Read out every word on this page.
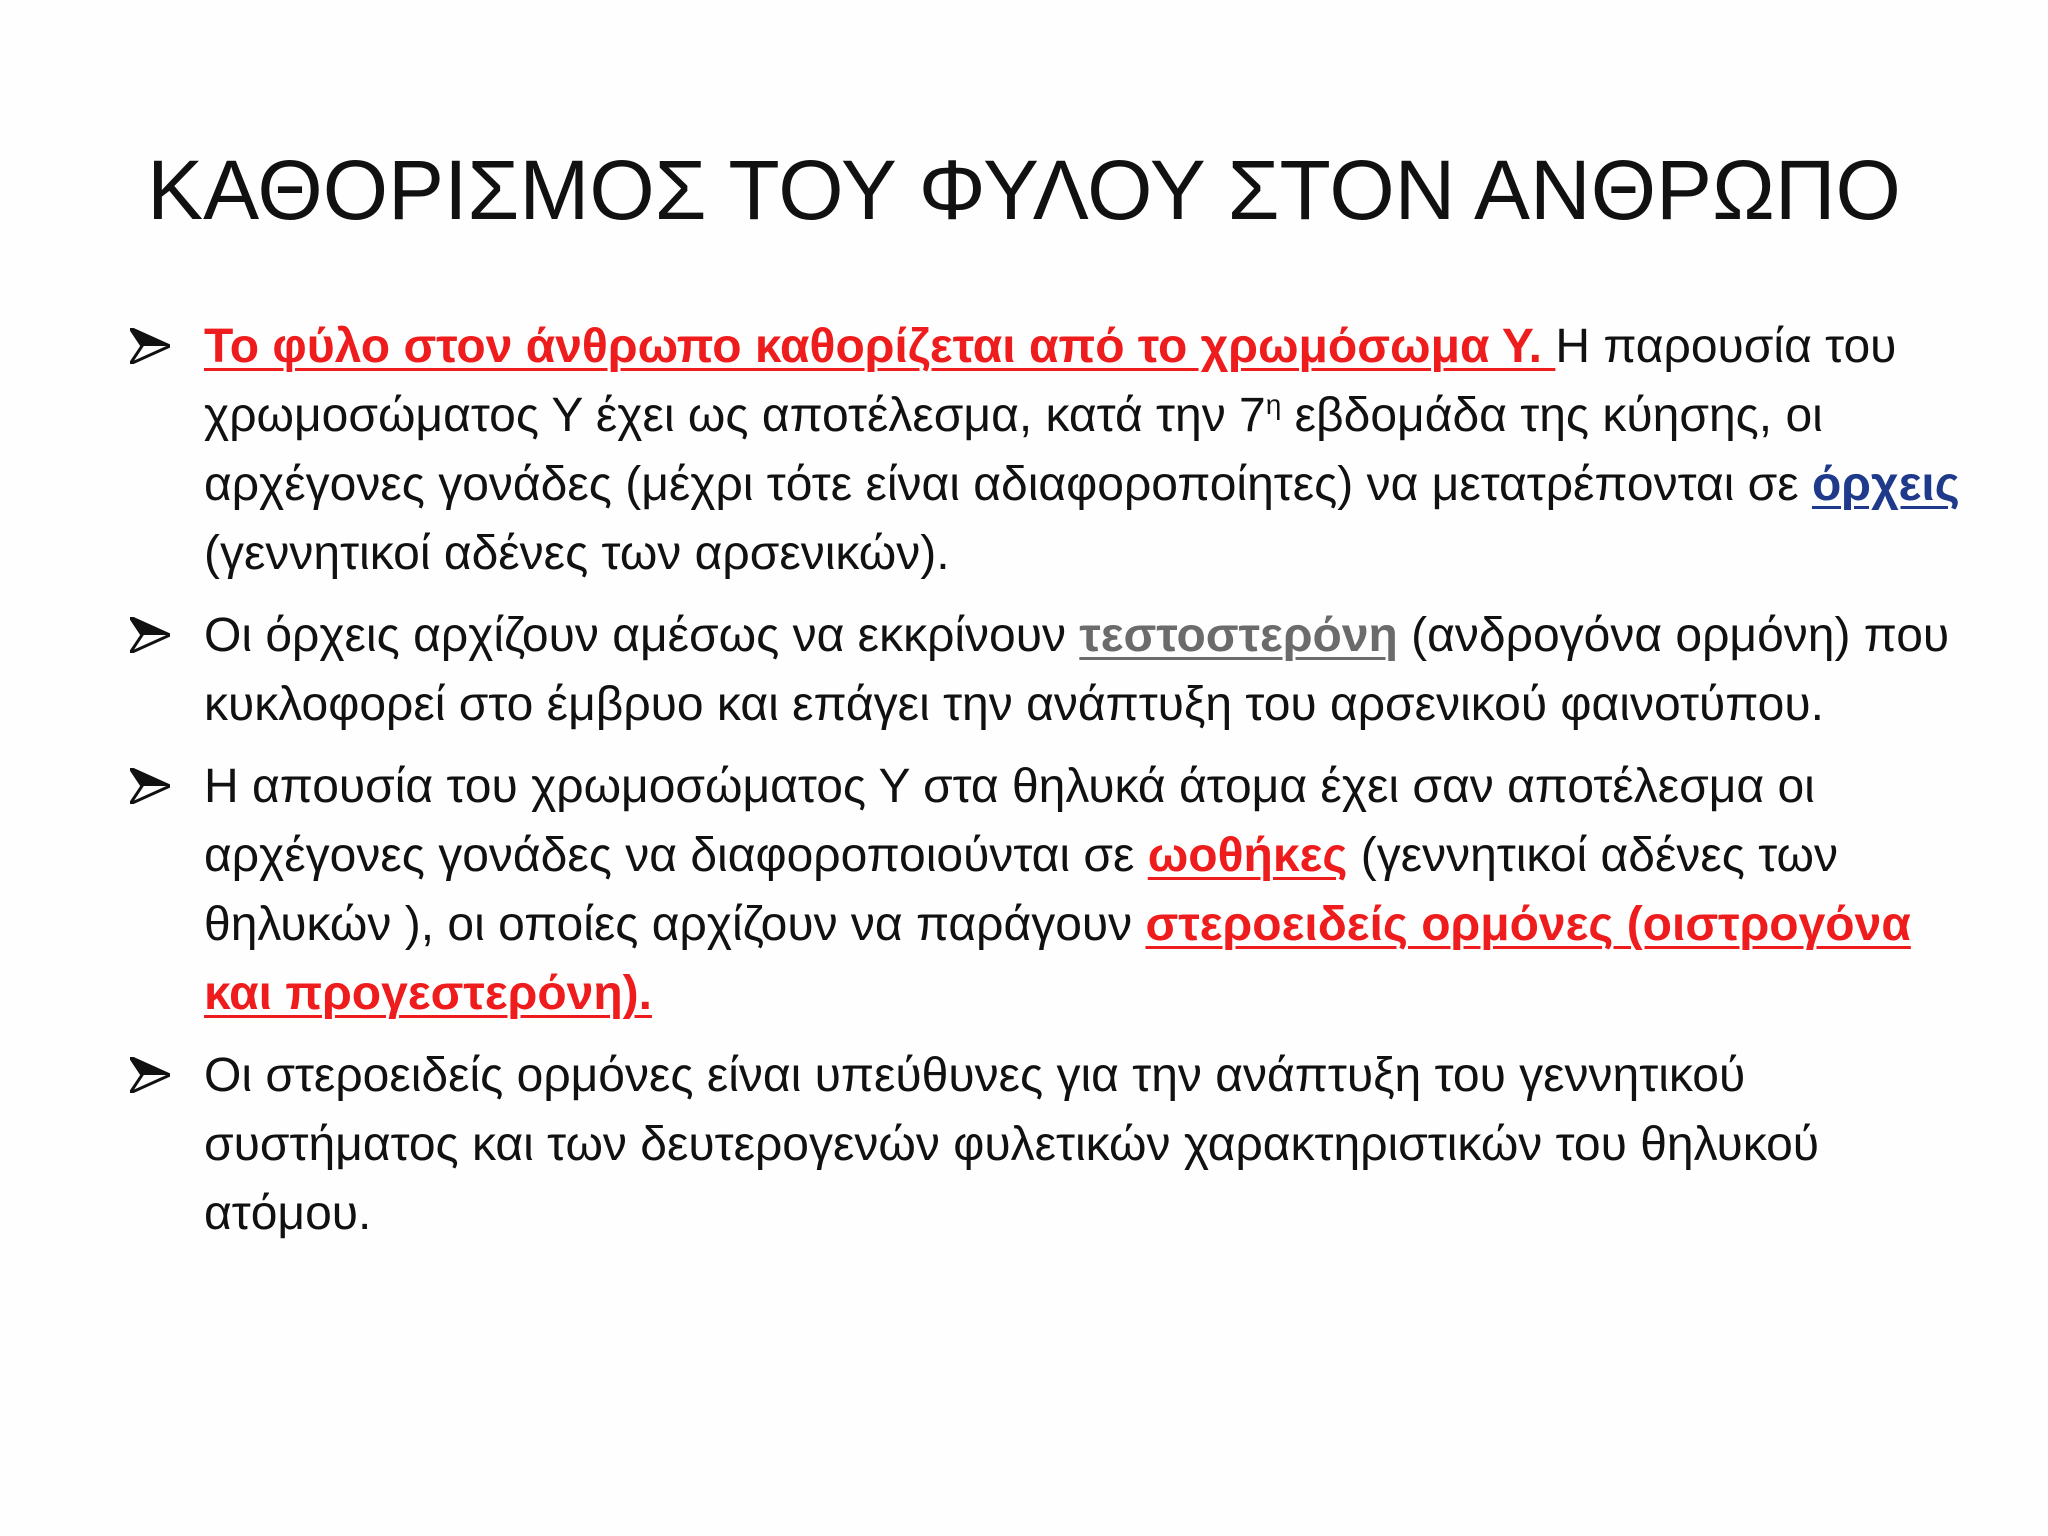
ΚΑΘΟΡΙΣΜΟΣ ΤΟΥ ΦΥΛΟΥ ΣΤΟΝ ΑΝΘΡΩΠΟ
Το φύλο στον άνθρωπο καθορίζεται από το χρωμόσωμα Υ. Η παρουσία του χρωμοσώματος Υ έχει ως αποτέλεσμα, κατά την $7^\eta$ εβδομάδα της κύησης, οι αρχέγονες γονάδες (μέχρι τότε είναι αδιαφοροποίητες) να μετατρέπονται σε όρχεις (γεννητικοί αδένες των αρσενικών).
Οι όρχεις αρχίζουν αμέσως να εκκρίνουν τεστοστερόνη (ανδρογόνα ορμόνη) που κυκλοφορεί στο έμβρυο και επάγει την ανάπτυξη του αρσενικού φαινοτύπου.
Η απουσία του χρωμοσώματος Υ στα θηλυκά άτομα έχει σαν αποτέλεσμα οι αρχέγονες γονάδες να διαφοροποιούνται σε ωοθήκες (γεννητικοί αδένες των θηλυκών ), οι οποίες αρχίζουν να παράγουν στεροειδείς ορμόνες (οιστρογόνα και προγεστερόνη).
Οι στεροειδείς ορμόνες είναι υπεύθυνες για την ανάπτυξη του γεννητικού συστήματος και των δευτερογενών φυλετικών χαρακτηριστικών του θηλυκού ατόμου.
